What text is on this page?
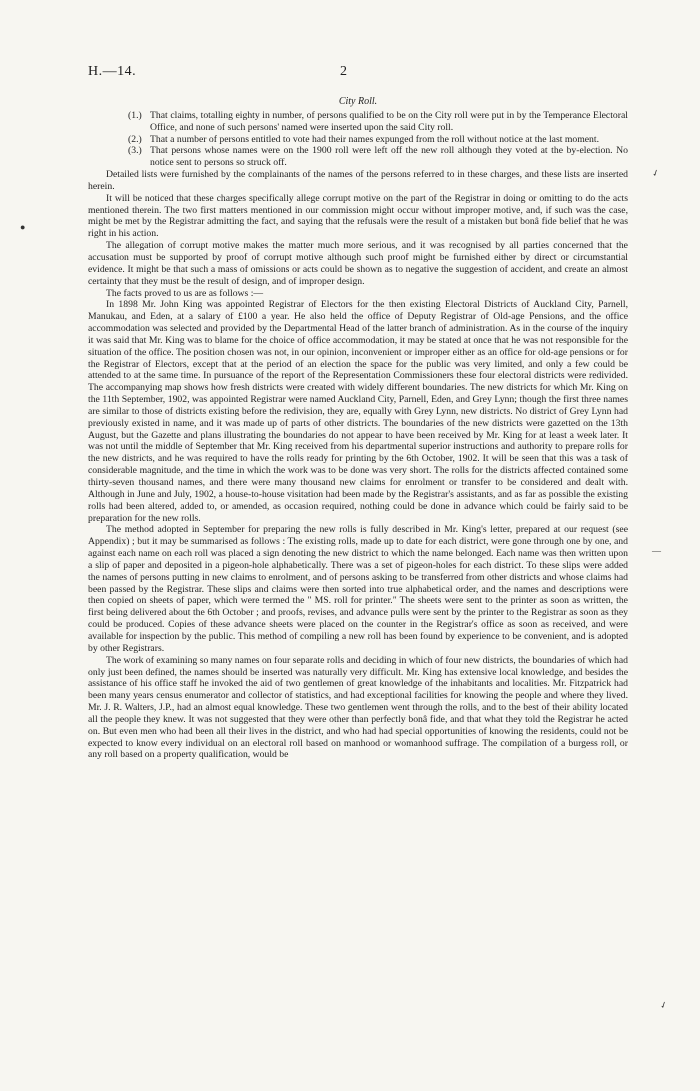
H.—14.	2

City Roll.

(1.) That claims, totalling eighty in number, of persons qualified to be on the City roll were put in by the Temperance Electoral Office, and none of such persons' named were inserted upon the said City roll.

(2.) That a number of persons entitled to vote had their names expunged from the roll without notice at the last moment.

(3.) That persons whose names were on the 1900 roll were left off the new roll although they voted at the by-election. No notice sent to persons so struck off.

Detailed lists were furnished by the complainants of the names of the persons referred to in these charges, and these lists are inserted herein.

It will be noticed that these charges specifically allege corrupt motive on the part of the Registrar in doing or omitting to do the acts mentioned therein. The two first matters mentioned in our commission might occur without improper motive, and, if such was the case, might be met by the Registrar admitting the fact, and saying that the refusals were the result of a mistaken but bonâ fide belief that he was right in his action.

The allegation of corrupt motive makes the matter much more serious, and it was recognised by all parties concerned that the accusation must be supported by proof of corrupt motive although such proof might be furnished either by direct or circumstantial evidence. It might be that such a mass of omissions or acts could be shown as to negative the suggestion of accident, and create an almost certainty that they must be the result of design, and of improper design.

The facts proved to us are as follows :—

In 1898 Mr. John King was appointed Registrar of Electors for the then existing Electoral Districts of Auckland City, Parnell, Manukau, and Eden, at a salary of £100 a year. He also held the office of Deputy Registrar of Old-age Pensions, and the office accommodation was selected and provided by the Departmental Head of the latter branch of administration. As in the course of the inquiry it was said that Mr. King was to blame for the choice of office accommodation, it may be stated at once that he was not responsible for the situation of the office. The position chosen was not, in our opinion, inconvenient or improper either as an office for old-age pensions or for the Registrar of Electors, except that at the period of an election the space for the public was very limited, and only a few could be attended to at the same time. In pursuance of the report of the Representation Commissioners these four electoral districts were redivided. The accompanying map shows how fresh districts were created with widely different boundaries. The new districts for which Mr. King on the 11th September, 1902, was appointed Registrar were named Auckland City, Parnell, Eden, and Grey Lynn; though the first three names are similar to those of districts existing before the redivision, they are, equally with Grey Lynn, new districts. No district of Grey Lynn had previously existed in name, and it was made up of parts of other districts. The boundaries of the new districts were gazetted on the 13th August, but the Gazette and plans illustrating the boundaries do not appear to have been received by Mr. King for at least a week later. It was not until the middle of September that Mr. King received from his departmental superior instructions and authority to prepare rolls for the new districts, and he was required to have the rolls ready for printing by the 6th October, 1902. It will be seen that this was a task of considerable magnitude, and the time in which the work was to be done was very short. The rolls for the districts affected contained some thirty-seven thousand names, and there were many thousand new claims for enrolment or transfer to be considered and dealt with. Although in June and July, 1902, a house-to-house visitation had been made by the Registrar's assistants, and as far as possible the existing rolls had been altered, added to, or amended, as occasion required, nothing could be done in advance which could be fairly said to be preparation for the new rolls.

The method adopted in September for preparing the new rolls is fully described in Mr. King's letter, prepared at our request (see Appendix) ; but it may be summarised as follows : The existing rolls, made up to date for each district, were gone through one by one, and against each name on each roll was placed a sign denoting the new district to which the name belonged. Each name was then written upon a slip of paper and deposited in a pigeon-hole alphabetically. There was a set of pigeon-holes for each district. To these slips were added the names of persons putting in new claims to enrolment, and of persons asking to be transferred from other districts and whose claims had been passed by the Registrar. These slips and claims were then sorted into true alphabetical order, and the names and descriptions were then copied on sheets of paper, which were termed the " MS. roll for printer." The sheets were sent to the printer as soon as written, the first being delivered about the 6th October ; and proofs, revises, and advance pulls were sent by the printer to the Registrar as soon as they could be produced. Copies of these advance sheets were placed on the counter in the Registrar's office as soon as received, and were available for inspection by the public. This method of compiling a new roll has been found by experience to be convenient, and is adopted by other Registrars.

The work of examining so many names on four separate rolls and deciding in which of four new districts, the boundaries of which had only just been defined, the names should be inserted was naturally very difficult. Mr. King has extensive local knowledge, and besides the assistance of his office staff he invoked the aid of two gentlemen of great knowledge of the inhabitants and localities. Mr. Fitzpatrick had been many years census enumerator and collector of statistics, and had exceptional facilities for knowing the people and where they lived. Mr. J. R. Walters, J.P., had an almost equal knowledge. These two gentlemen went through the rolls, and to the best of their ability located all the people they knew. It was not suggested that they were other than perfectly bonâ fide, and that what they told the Registrar he acted on. But even men who had been all their lives in the district, and who had had special opportunities of knowing the residents, could not be expected to know every individual on an electoral roll based on manhood or womanhood suffrage. The compilation of a burgess roll, or any roll based on a property qualification, would be

●
✓
—
✓
